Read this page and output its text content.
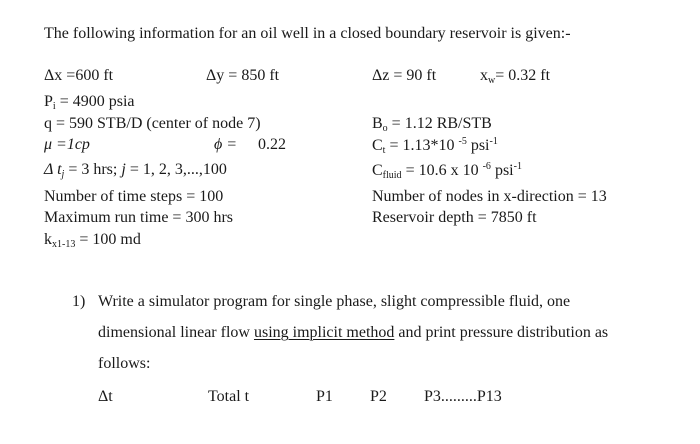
The following information for an oil well in a closed boundary reservoir is given:-
Δx =600 ft	Δy = 850 ft	Δz = 90 ft	$x_w= 0.32$ ft
$P_i = 4900$ psia
q = 590 STB/D (center of node 7)	$B_o = 1.12$ RB/STB
μ =1cp	ϕ = 0.22	$C_t = 1.13*10$ $^{-5}$ psi$^{-1}$
Δ $t_j = 3$ hrs; j = 1, 2, 3,...,100	$C_{fluid} = 10.6$ x 10 $^{-6}$ psi$^{-1}$
Number of time steps = 100	Number of nodes in x-direction = 13
Maximum run time = 300 hrs	Reservoir depth = 7850 ft
$k_{x1-13} = 100$ md
1) Write a simulator program for single phase, slight compressible fluid, one
dimensional linear flow using implicit method and print pressure distribution as
follows:
Δt	Total t	P1 P2 P3.........P13
